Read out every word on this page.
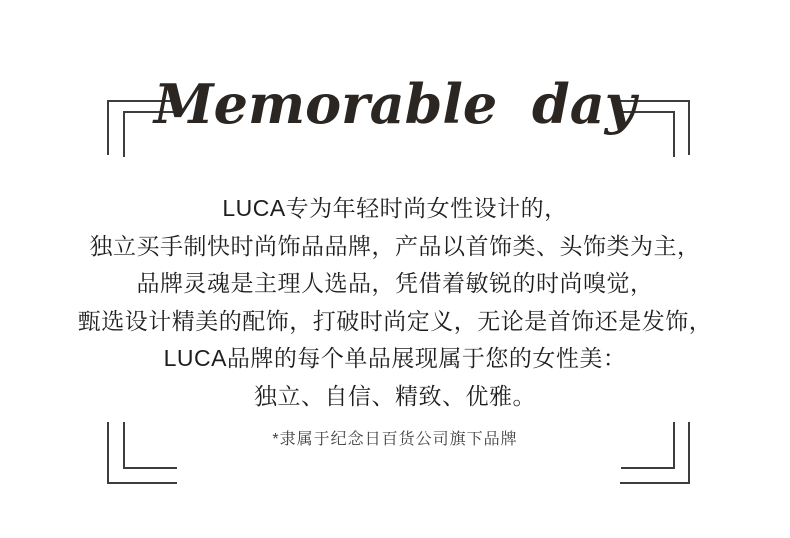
Memorable day
LUCA专为年轻时尚女性设计的，
独立买手制快时尚饰品品牌，产品以首饰类、头饰类为主，
品牌灵魂是主理人选品，凭借着敏锐的时尚嗅觉，
甄选设计精美的配饰，打破时尚定义，无论是首饰还是发饰，
LUCA品牌的每个单品展现属于您的女性美：
独立、自信、精致、优雅。
*隶属于纪念日百货公司旗下品牌
